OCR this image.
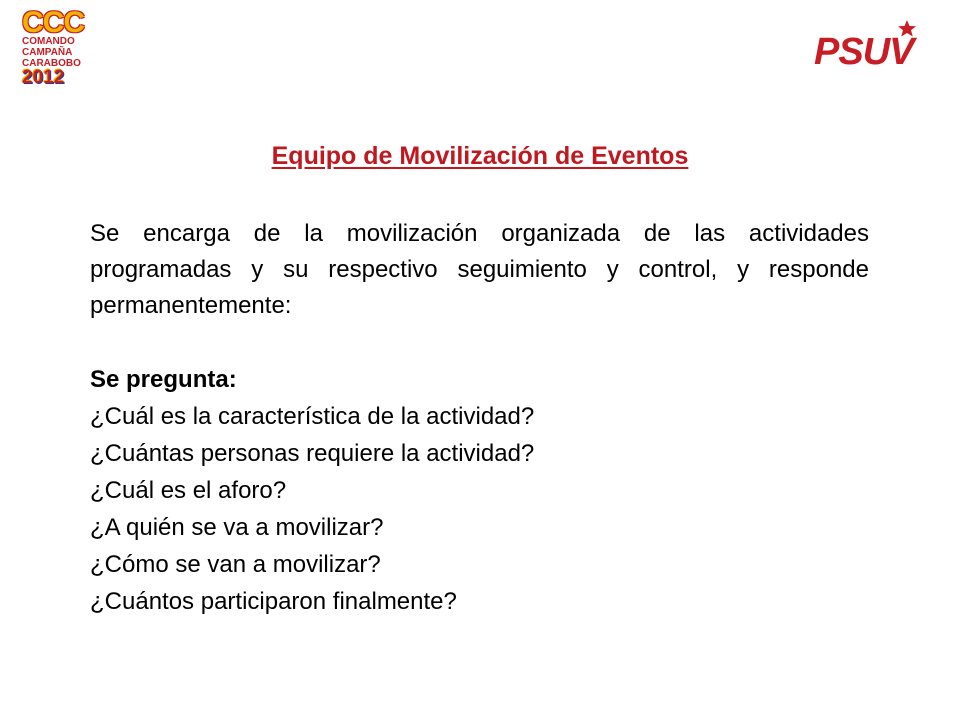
CCC
COMANDO
CAMPAÑA
CARABOBO
2012
PSUV
Equipo de Movilización de Eventos

Se encarga de la movilización organizada de las actividades programadas y su respectivo seguimiento y control, y responde permanentemente:

Se pregunta:

¿Cuál es la característica de la actividad?
¿Cuántas personas requiere la actividad?
¿Cuál es el aforo?
¿A quién se va a movilizar?
¿Cómo se van a movilizar?
¿Cuántos participaron finalmente?
